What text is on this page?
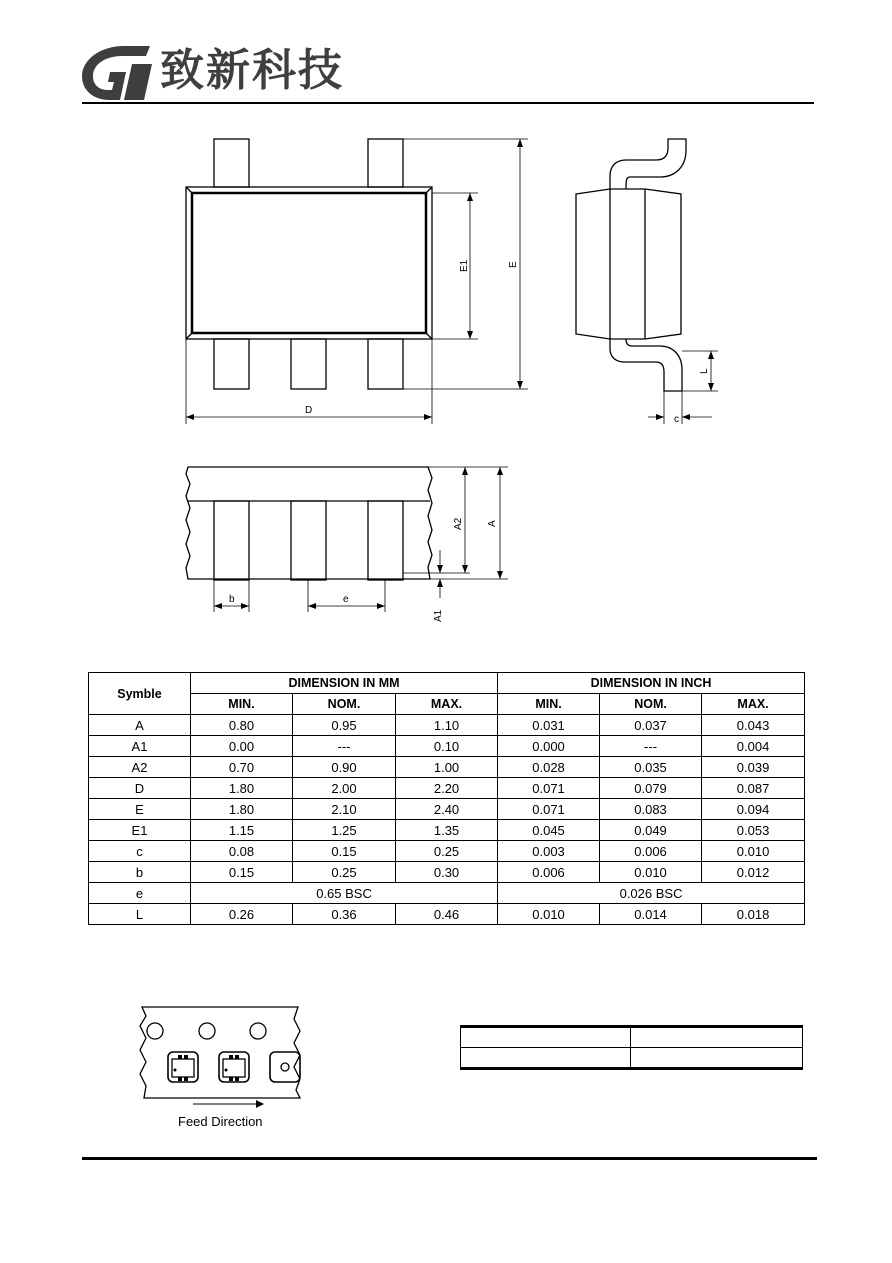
致新科技
D
E1	E
L
c
A2 A
A1
b	e
Symble	DIMENSION IN MM			DIMENSION IN INCH		
	MIN.	NOM.	MAX.	MIN.	NOM.	MAX.
A	0.80	0.95	1.10	0.031	0.037	0.043
A1	0.00	---	0.10	0.000	---	0.004
A2	0.70	0.90	1.00	0.028	0.035	0.039
D	1.80	2.00	2.20	0.071	0.079	0.087
E	1.80	2.10	2.40	0.071	0.083	0.094
E1	1.15	1.25	1.35	0.045	0.049	0.053
c	0.08	0.15	0.25	0.003	0.006	0.010
b	0.15	0.25	0.30	0.006	0.010	0.012
e	0.65 BSC			0.026 BSC		
L	0.26	0.36	0.46	0.010	0.014	0.018
Feed Direction
